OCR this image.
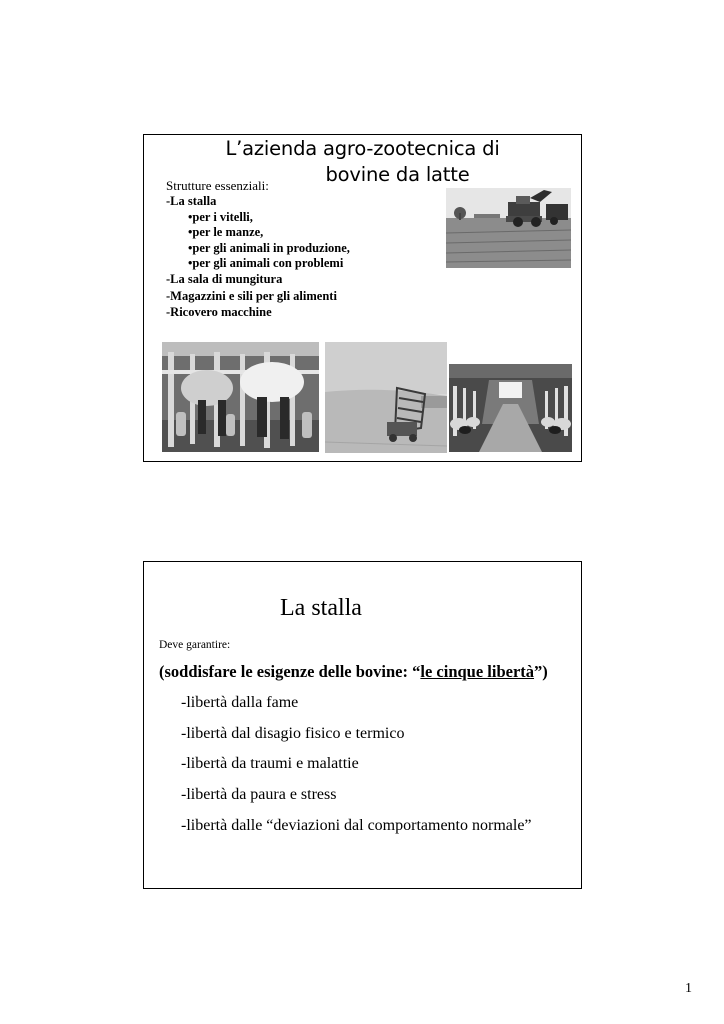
L’azienda agro-zootecnica di
bovine da latte
Strutture essenziali:
-La stalla
•per i vitelli,
•per le manze,
•per gli animali in produzione,
•per gli animali con problemi
-La sala di mungitura
-Magazzini e sili per gli alimenti
-Ricovero macchine
La stalla
Deve garantire:
(soddisfare le esigenze delle bovine: “le cinque libertà”)
-libertà dalla fame
-libertà dal disagio fisico e termico
-libertà da traumi e malattie
-libertà da paura e stress
-libertà dalle “deviazioni dal comportamento normale”
1
